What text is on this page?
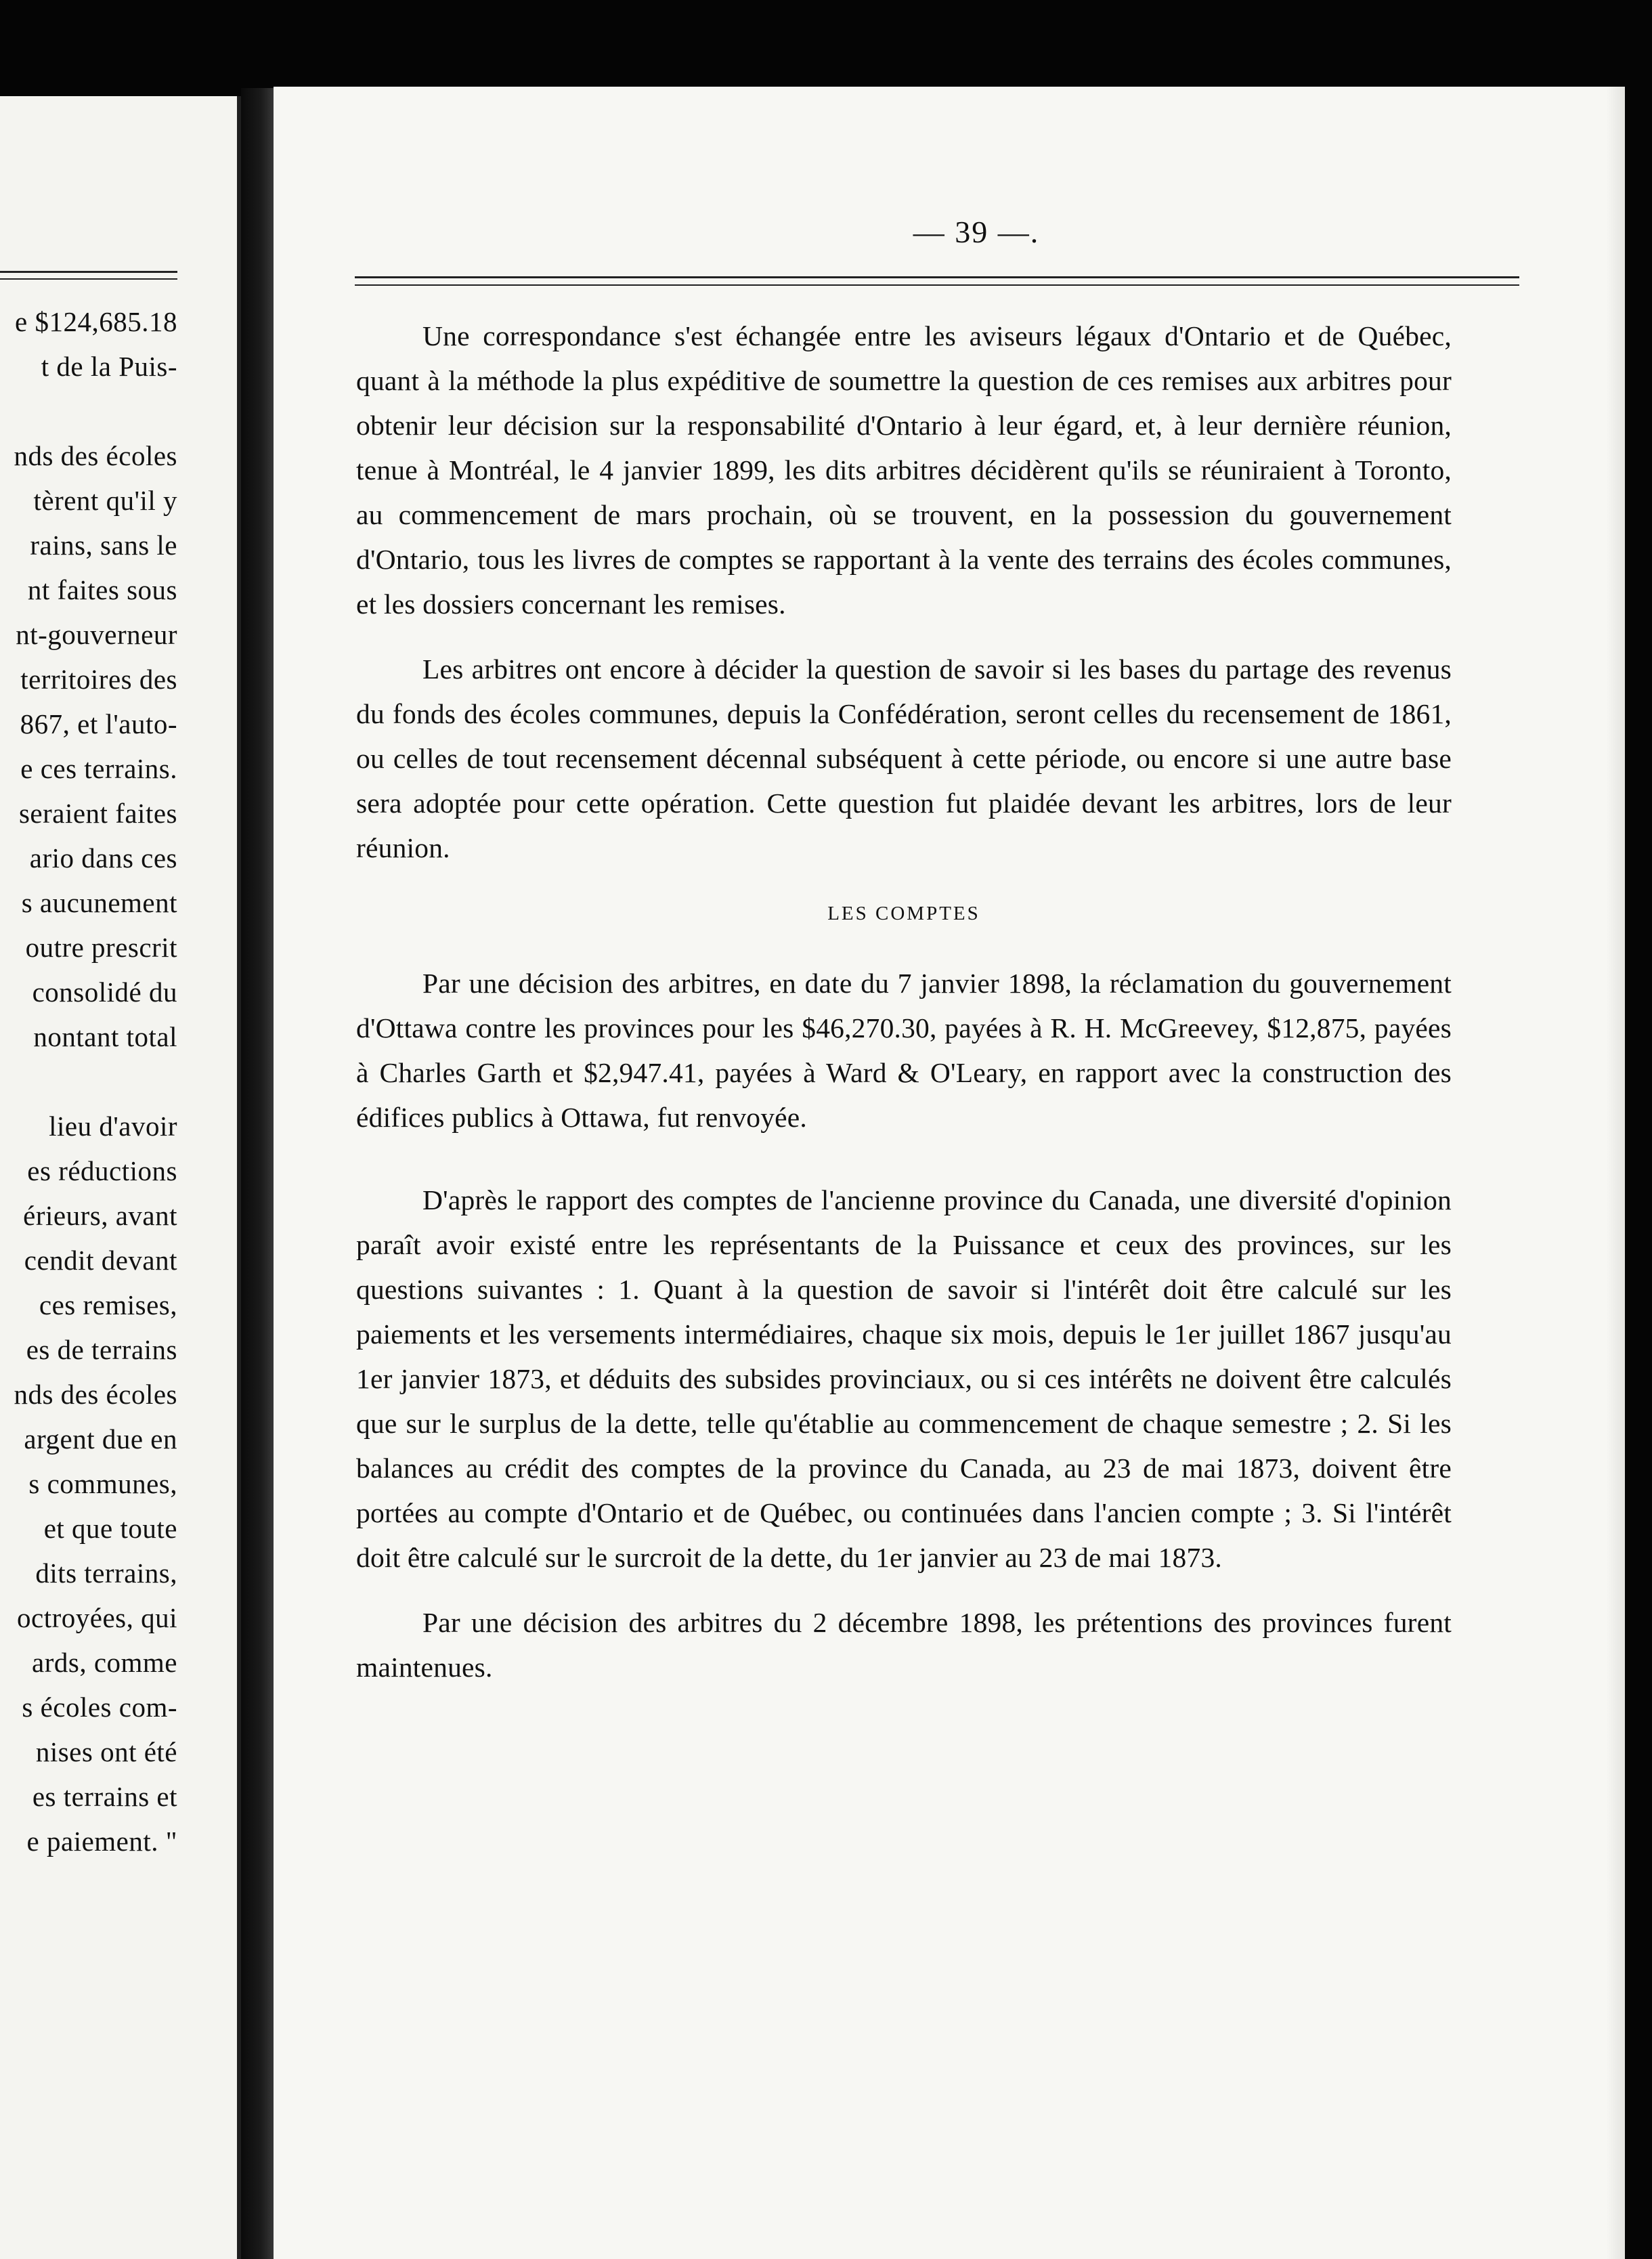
e $124,685.18
t de la Puis-
nds des écoles
tèrent qu'il y
rains, sans le
nt faites sous
nt-gouverneur
territoires des
867, et l'auto-
e ces terrains.
seraient faites
ario dans ces
s aucunement
outre prescrit
consolidé du
nontant total
lieu d'avoir
es réductions
érieurs, avant
cendit devant
ces remises,
es de terrains
nds des écoles
argent due en
s communes,
et que toute
dits terrains,
octroyées, qui
ards, comme
s écoles com-
nises ont été
es terrains et
e paiement. "
— 39 —.

Une correspondance s'est échangée entre les aviseurs légaux d'Ontario et de Québec, quant à la méthode la plus expéditive de soumettre la question de ces remises aux arbitres pour obtenir leur décision sur la responsabilité d'Ontario à leur égard, et, à leur dernière réunion, tenue à Montréal, le 4 janvier 1899, les dits arbitres décidèrent qu'ils se réuniraient à Toronto, au commencement de mars prochain, où se trouvent, en la possession du gouvernement d'Ontario, tous les livres de comptes se rapportant à la vente des terrains des écoles communes, et les dossiers concernant les remises.

Les arbitres ont encore à décider la question de savoir si les bases du partage des revenus du fonds des écoles communes, depuis la Confédération, seront celles du recensement de 1861, ou celles de tout recensement décennal subséquent à cette période, ou encore si une autre base sera adoptée pour cette opération. Cette question fut plaidée devant les arbitres, lors de leur réunion.

LES COMPTES

Par une décision des arbitres, en date du 7 janvier 1898, la réclamation du gouvernement d'Ottawa contre les provinces pour les $46,270.30, payées à R. H. McGreevey, $12,875, payées à Charles Garth et $2,947.41, payées à Ward & O'Leary, en rapport avec la construction des édifices publics à Ottawa, fut renvoyée.

D'après le rapport des comptes de l'ancienne province du Canada, une diversité d'opinion paraît avoir existé entre les représentants de la Puissance et ceux des provinces, sur les questions suivantes : 1. Quant à la question de savoir si l'intérêt doit être calculé sur les paiements et les versements intermédiaires, chaque six mois, depuis le 1er juillet 1867 jusqu'au 1er janvier 1873, et déduits des subsides provinciaux, ou si ces intérêts ne doivent être calculés que sur le surplus de la dette, telle qu'établie au commencement de chaque semestre ; 2. Si les balances au crédit des comptes de la province du Canada, au 23 de mai 1873, doivent être portées au compte d'Ontario et de Québec, ou continuées dans l'ancien compte ; 3. Si l'intérêt doit être calculé sur le surcroit de la dette, du 1er janvier au 23 de mai 1873.

Par une décision des arbitres du 2 décembre 1898, les prétentions des provinces furent maintenues.
